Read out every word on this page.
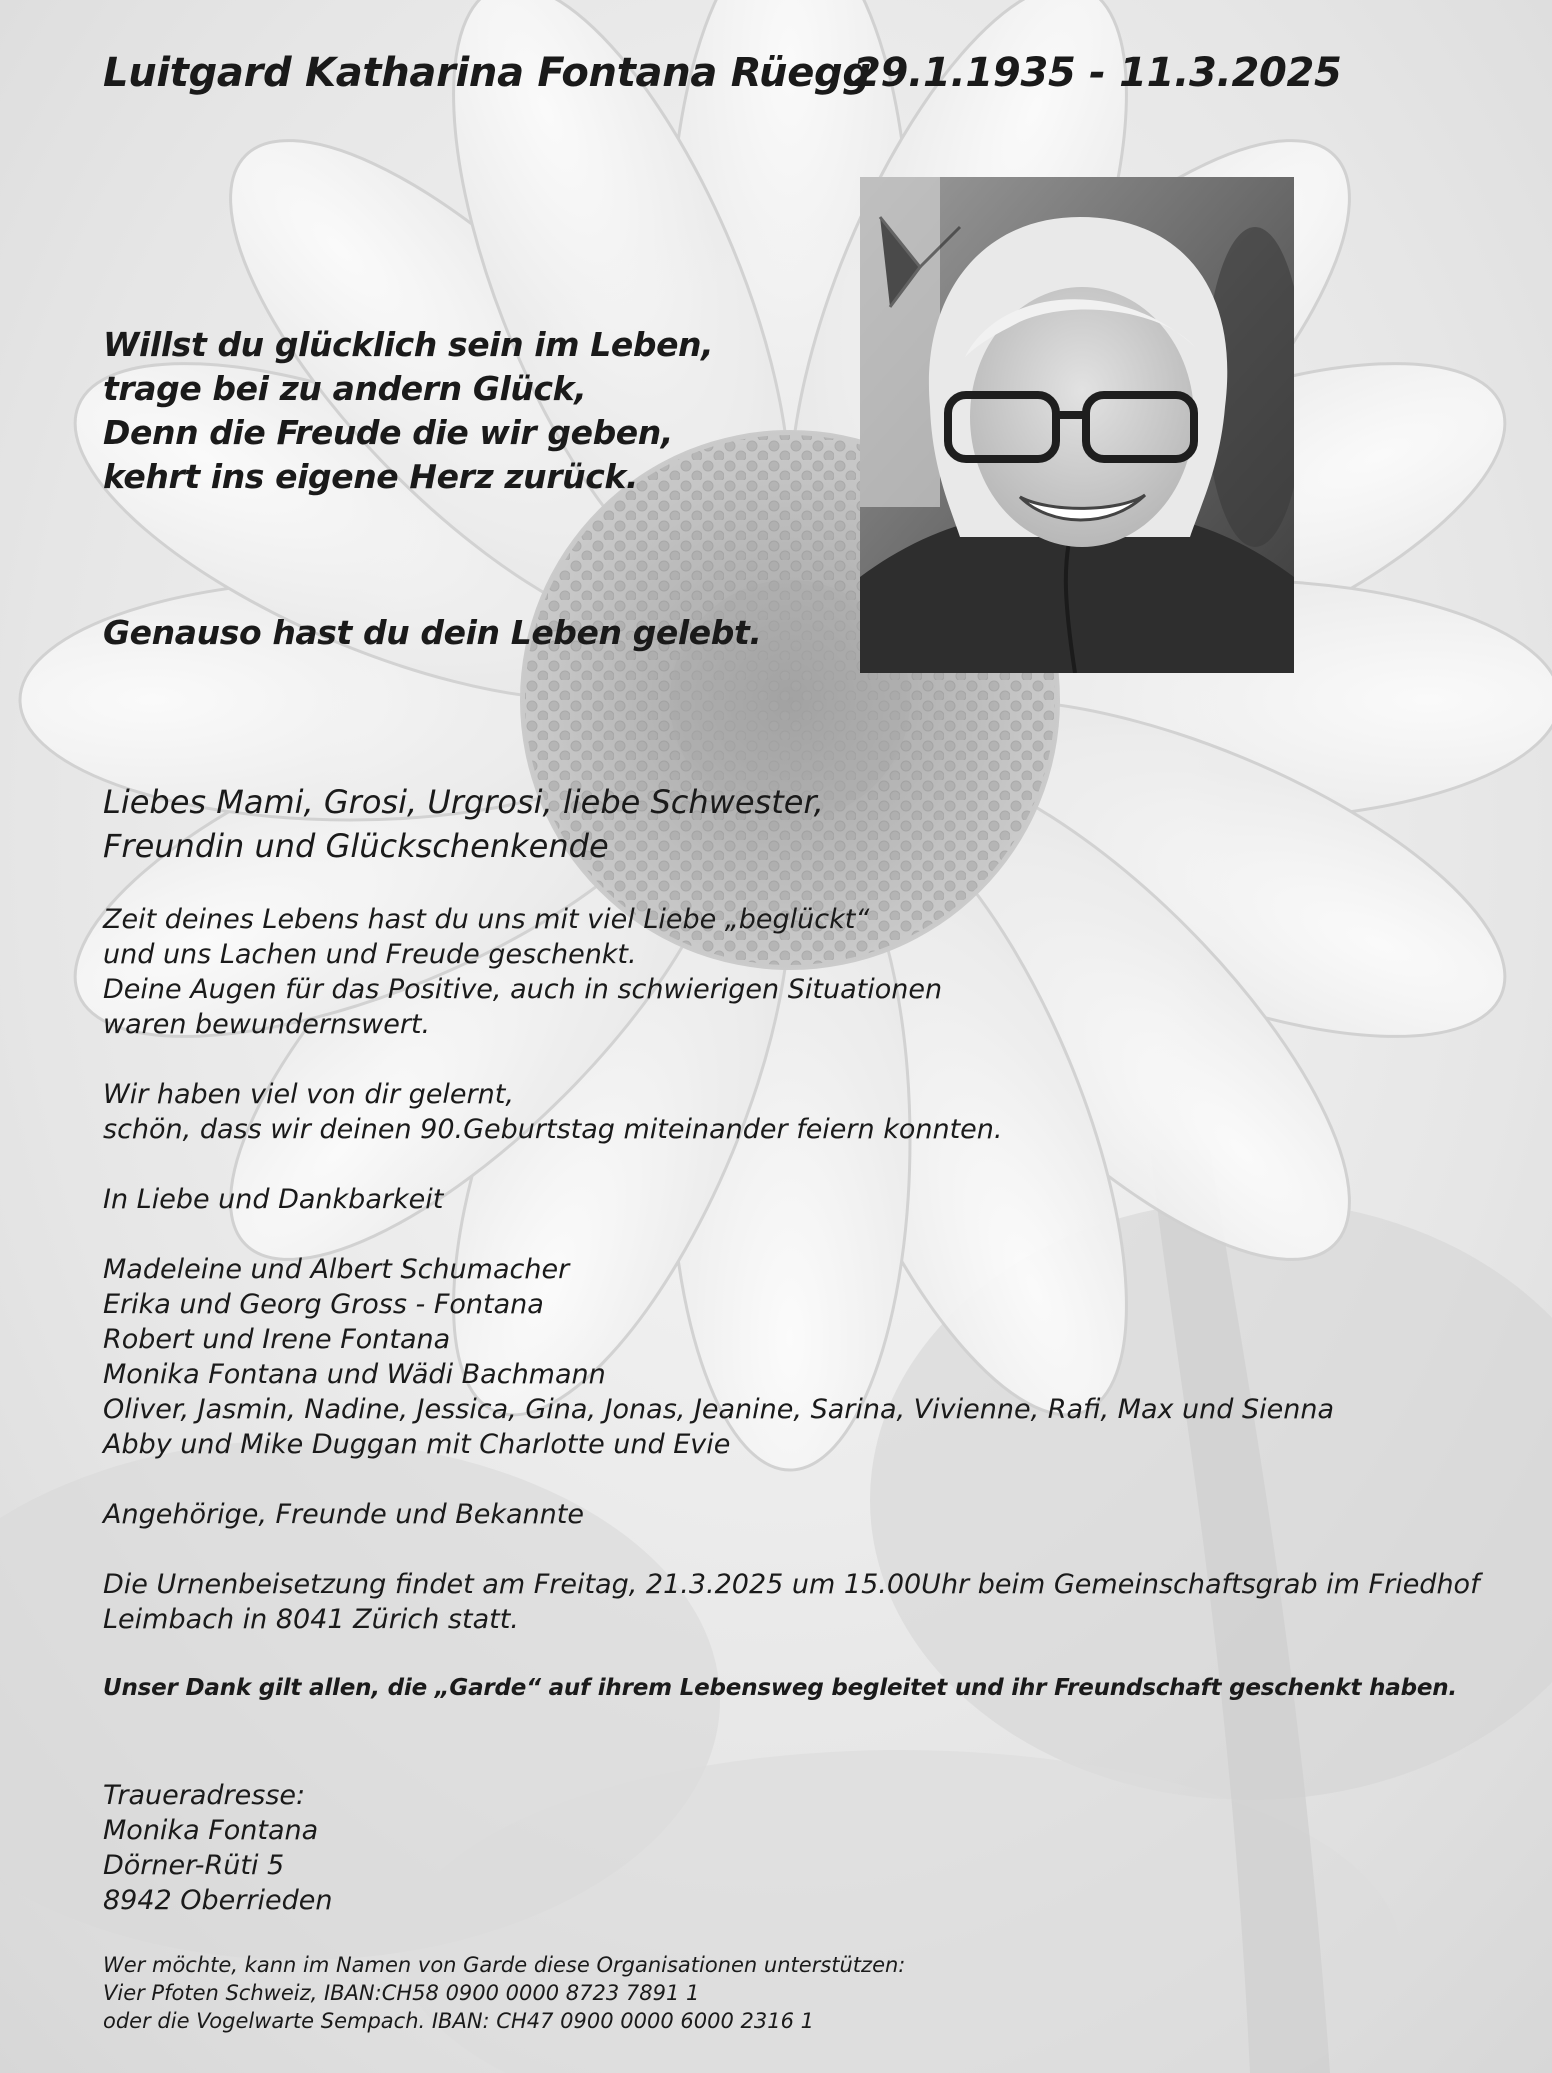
Luitgard Katharina Fontana Rüegg

29.1.1935 - 11.3.2025

Willst du glücklich sein im Leben,
trage bei zu andern Glück,
Denn die Freude die wir geben,
kehrt ins eigene Herz zurück.

Genauso hast du dein Leben gelebt.

Liebes Mami, Grosi, Urgrosi, liebe Schwester,
Freundin und Glückschenkende
Zeit deines Lebens hast du uns mit viel Liebe „beglückt“
und uns Lachen und Freude geschenkt.
Deine Augen für das Positive, auch in schwierigen Situationen
waren bewundernswert.
Wir haben viel von dir gelernt,
schön, dass wir deinen 90.Geburtstag miteinander feiern konnten.
In Liebe und Dankbarkeit
Madeleine und Albert Schumacher
Erika und Georg Gross - Fontana
Robert und Irene Fontana
Monika Fontana und Wädi Bachmann
Oliver, Jasmin, Nadine, Jessica, Gina, Jonas, Jeanine, Sarina, Vivienne, Rafi, Max und Sienna
Abby und Mike Duggan mit Charlotte und Evie
Angehörige, Freunde und Bekannte
Die Urnenbeisetzung findet am Freitag, 21.3.2025 um 15.00Uhr beim Gemeinschaftsgrab im Friedhof
Leimbach in 8041 Zürich statt.

Unser Dank gilt allen, die „Garde“ auf ihrem Lebensweg begleitet und ihr Freundschaft geschenkt haben.

Traueradresse:
Monika Fontana
Dörner-Rüti 5
8942 Oberrieden
Wer möchte, kann im Namen von Garde diese Organisationen unterstützen:
Vier Pfoten Schweiz, IBAN:CH58 0900 0000 8723 7891 1
oder die Vogelwarte Sempach. IBAN: CH47 0900 0000 6000 2316 1
